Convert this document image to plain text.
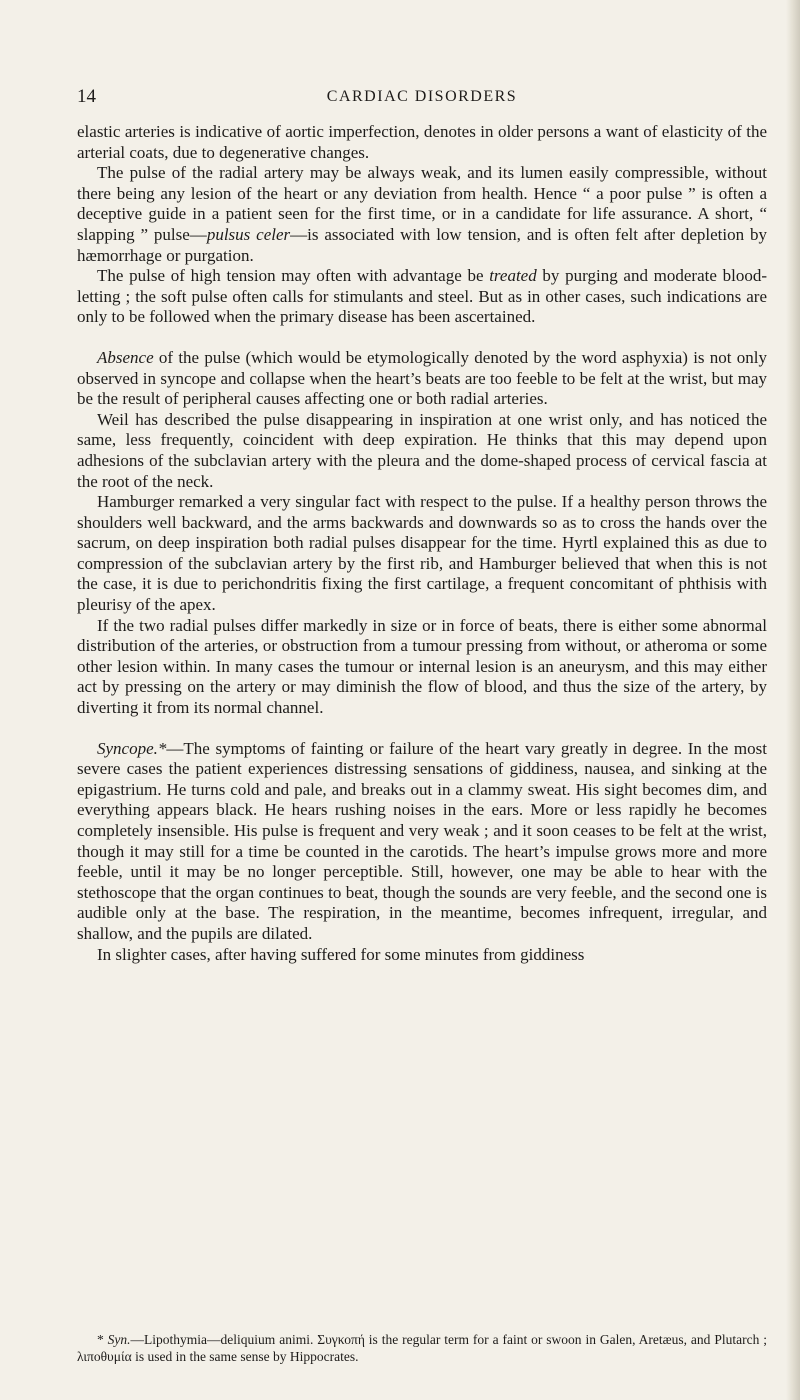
14	CARDIAC DISORDERS

elastic arteries is indicative of aortic imperfection, denotes in older persons a want of elasticity of the arterial coats, due to degenerative changes.

The pulse of the radial artery may be always weak, and its lumen easily compressible, without there being any lesion of the heart or any deviation from health. Hence “ a poor pulse ” is often a deceptive guide in a patient seen for the first time, or in a candidate for life assurance. A short, “ slapping ” pulse—pulsus celer—is associated with low tension, and is often felt after depletion by hæmorrhage or purgation.

The pulse of high tension may often with advantage be treated by purging and moderate blood-letting ; the soft pulse often calls for stimulants and steel. But as in other cases, such indications are only to be followed when the primary disease has been ascertained.

Absence of the pulse (which would be etymologically denoted by the word asphyxia) is not only observed in syncope and collapse when the heart’s beats are too feeble to be felt at the wrist, but may be the result of peripheral causes affecting one or both radial arteries.

Weil has described the pulse disappearing in inspiration at one wrist only, and has noticed the same, less frequently, coincident with deep expiration. He thinks that this may depend upon adhesions of the subclavian artery with the pleura and the dome-shaped process of cervical fascia at the root of the neck.

Hamburger remarked a very singular fact with respect to the pulse. If a healthy person throws the shoulders well backward, and the arms backwards and downwards so as to cross the hands over the sacrum, on deep inspiration both radial pulses disappear for the time. Hyrtl explained this as due to compression of the subclavian artery by the first rib, and Hamburger believed that when this is not the case, it is due to perichondritis fixing the first cartilage, a frequent concomitant of phthisis with pleurisy of the apex.

If the two radial pulses differ markedly in size or in force of beats, there is either some abnormal distribution of the arteries, or obstruction from a tumour pressing from without, or atheroma or some other lesion within. In many cases the tumour or internal lesion is an aneurysm, and this may either act by pressing on the artery or may diminish the flow of blood, and thus the size of the artery, by diverting it from its normal channel.

Syncope.*—The symptoms of fainting or failure of the heart vary greatly in degree. In the most severe cases the patient experiences distressing sensations of giddiness, nausea, and sinking at the epigastrium. He turns cold and pale, and breaks out in a clammy sweat. His sight becomes dim, and everything appears black. He hears rushing noises in the ears. More or less rapidly he becomes completely insensible. His pulse is frequent and very weak ; and it soon ceases to be felt at the wrist, though it may still for a time be counted in the carotids. The heart’s impulse grows more and more feeble, until it may be no longer perceptible. Still, however, one may be able to hear with the stethoscope that the organ continues to beat, though the sounds are very feeble, and the second one is audible only at the base. The respiration, in the meantime, becomes infrequent, irregular, and shallow, and the pupils are dilated.

In slighter cases, after having suffered for some minutes from giddiness

* Syn.—Lipothymia—deliquium animi. Συγκοπή is the regular term for a faint or swoon in Galen, Aretæus, and Plutarch ; λιποθυμία is used in the same sense by Hippocrates.
